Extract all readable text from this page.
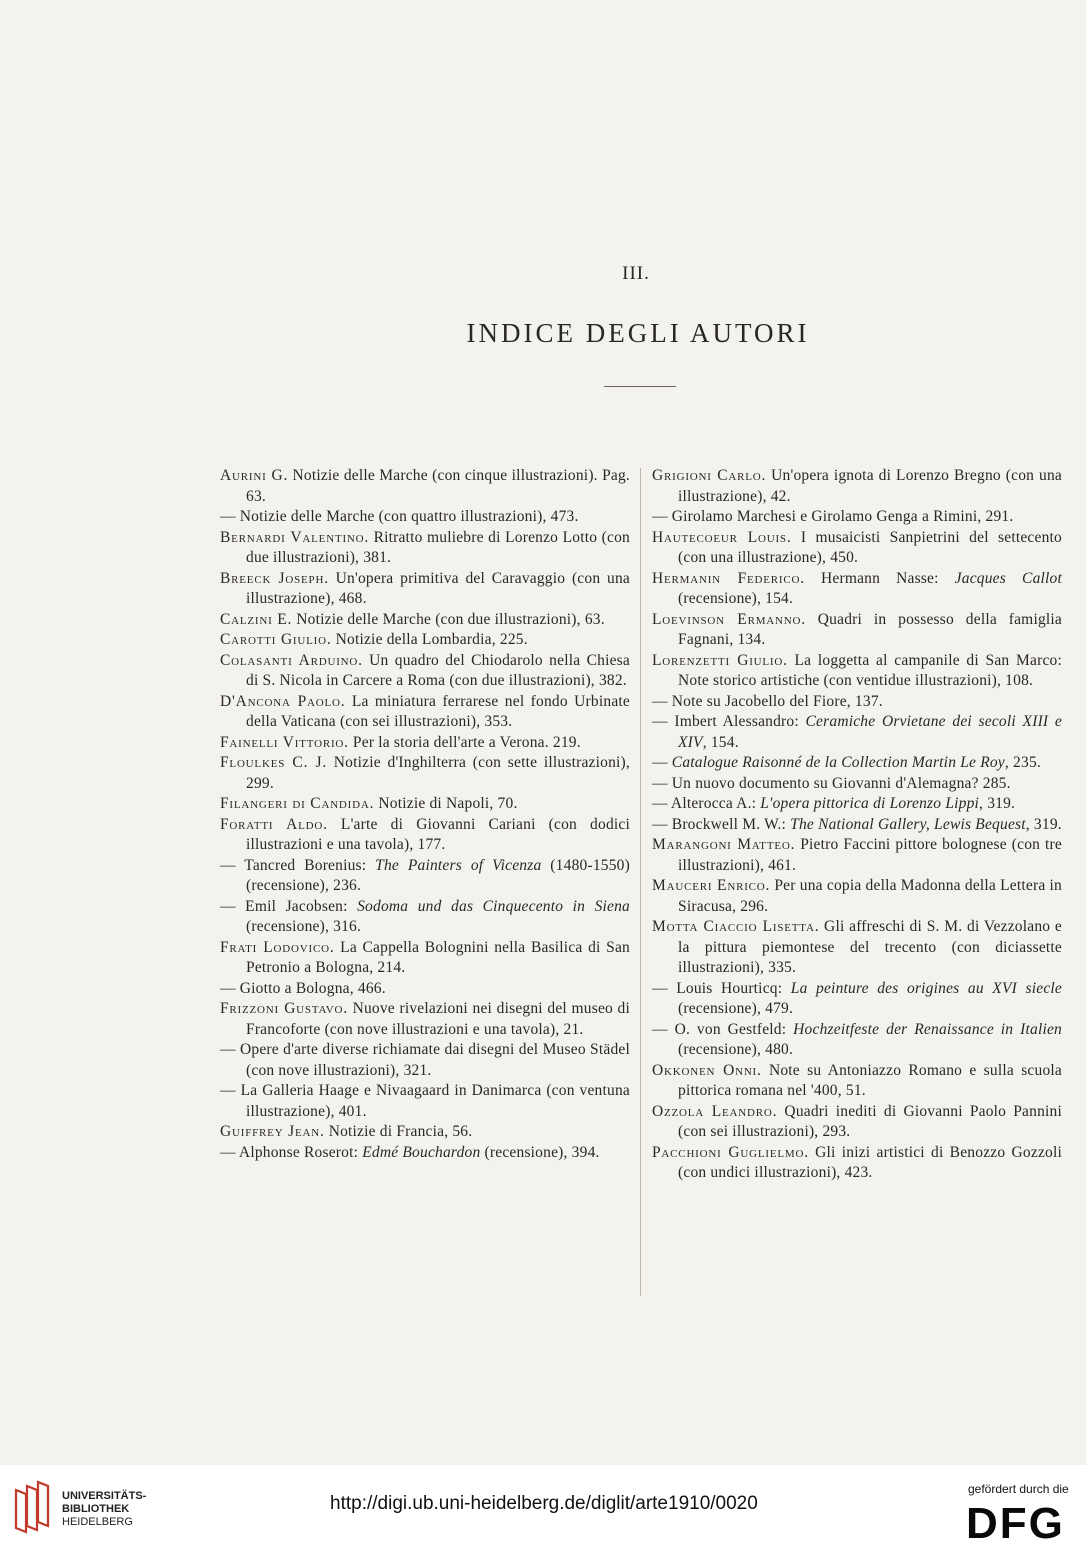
III.
INDICE DEGLI AUTORI

Aurini G. Notizie delle Marche (con cinque illustrazioni). Pag. 63.

— Notizie delle Marche (con quattro illustrazioni), 473.

Bernardi Valentino. Ritratto muliebre di Lorenzo Lotto (con due illustrazioni), 381.

Breeck Joseph. Un'opera primitiva del Caravaggio (con una illustrazione), 468.

Calzini E. Notizie delle Marche (con due illustrazioni), 63.

Carotti Giulio. Notizie della Lombardia, 225.

Colasanti Arduino. Un quadro del Chiodarolo nella Chiesa di S. Nicola in Carcere a Roma (con due illustrazioni), 382.

D'Ancona Paolo. La miniatura ferrarese nel fondo Urbinate della Vaticana (con sei illustrazioni), 353.

Fainelli Vittorio. Per la storia dell'arte a Verona. 219.

Floulkes C. J. Notizie d'Inghilterra (con sette illustrazioni), 299.

Filangeri di Candida. Notizie di Napoli, 70.

Foratti Aldo. L'arte di Giovanni Cariani (con dodici illustrazioni e una tavola), 177.

— Tancred Borenius: The Painters of Vicenza (1480-1550) (recensione), 236.

— Emil Jacobsen: Sodoma und das Cinquecento in Siena (recensione), 316.

Frati Lodovico. La Cappella Bolognini nella Basilica di San Petronio a Bologna, 214.

— Giotto a Bologna, 466.

Frizzoni Gustavo. Nuove rivelazioni nei disegni del museo di Francoforte (con nove illustrazioni e una tavola), 21.

— Opere d'arte diverse richiamate dai disegni del Museo Städel (con nove illustrazioni), 321.

— La Galleria Haage e Nivaagaard in Danimarca (con ventuna illustrazione), 401.

Guiffrey Jean. Notizie di Francia, 56.

— Alphonse Roserot: Edmé Bouchardon (recensione), 394.

Grigioni Carlo. Un'opera ignota di Lorenzo Bregno (con una illustrazione), 42.

— Girolamo Marchesi e Girolamo Genga a Rimini, 291.

Hautecoeur Louis. I musaicisti Sanpietrini del settecento (con una illustrazione), 450.

Hermanin Federico. Hermann Nasse: Jacques Callot (recensione), 154.

Loevinson Ermanno. Quadri in possesso della famiglia Fagnani, 134.

Lorenzetti Giulio. La loggetta al campanile di San Marco: Note storico artistiche (con ventidue illustrazioni), 108.

— Note su Jacobello del Fiore, 137.

— Imbert Alessandro: Ceramiche Orvietane dei secoli XIII e XIV, 154.

— Catalogue Raisonné de la Collection Martin Le Roy, 235.

— Un nuovo documento su Giovanni d'Alemagna? 285.

— Alterocca A.: L'opera pittorica di Lorenzo Lippi, 319.

— Brockwell M. W.: The National Gallery, Lewis Bequest, 319.

Marangoni Matteo. Pietro Faccini pittore bolognese (con tre illustrazioni), 461.

Mauceri Enrico. Per una copia della Madonna della Lettera in Siracusa, 296.

Motta Ciaccio Lisetta. Gli affreschi di S. M. di Vezzolano e la pittura piemontese del trecento (con diciassette illustrazioni), 335.

— Louis Hourticq: La peinture des origines au XVI siecle (recensione), 479.

— O. von Gestfeld: Hochzeitfeste der Renaissance in Italien (recensione), 480.

Okkonen Onni. Note su Antoniazzo Romano e sulla scuola pittorica romana nel '400, 51.

Ozzola Leandro. Quadri inediti di Giovanni Paolo Pannini (con sei illustrazioni), 293.

Pacchioni Guglielmo. Gli inizi artistici di Benozzo Gozzoli (con undici illustrazioni), 423.

UNIVERSITÄTS-
BIBLIOTHEK
HEIDELBERG
http://digi.ub.uni-heidelberg.de/diglit/arte1910/0020
gefördert durch die
DFG
